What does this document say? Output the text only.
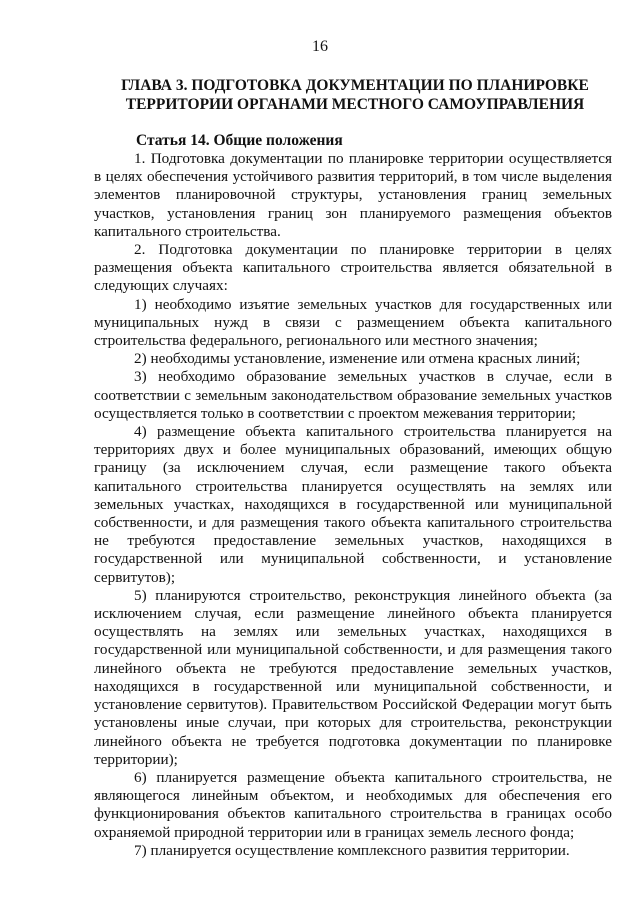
16
ГЛАВА 3. ПОДГОТОВКА ДОКУМЕНТАЦИИ ПО ПЛАНИРОВКЕ ТЕРРИТОРИИ ОРГАНАМИ МЕСТНОГО САМОУПРАВЛЕНИЯ
Статья 14. Общие положения

1. Подготовка документации по планировке территории осуществляется в целях обеспечения устойчивого развития территорий, в том числе выделения элементов планировочной структуры, установления границ земельных участков, установления границ зон планируемого размещения объектов капитального строительства.

2. Подготовка документации по планировке территории в целях размещения объекта капитального строительства является обязательной в следующих случаях:

1) необходимо изъятие земельных участков для государственных или муниципальных нужд в связи с размещением объекта капитального строительства федерального, регионального или местного значения;

2) необходимы установление, изменение или отмена красных линий;

3) необходимо образование земельных участков в случае, если в соответствии с земельным законодательством образование земельных участков осуществляется только в соответствии с проектом межевания территории;

4) размещение объекта капитального строительства планируется на территориях двух и более муниципальных образований, имеющих общую границу (за исключением случая, если размещение такого объекта капитального строительства планируется осуществлять на землях или земельных участках, находящихся в государственной или муниципальной собственности, и для размещения такого объекта капитального строительства не требуются предоставление земельных участков, находящихся в государственной или муниципальной собственности, и установление сервитутов);

5) планируются строительство, реконструкция линейного объекта (за исключением случая, если размещение линейного объекта планируется осуществлять на землях или земельных участках, находящихся в государственной или муниципальной собственности, и для размещения такого линейного объекта не требуются предоставление земельных участков, находящихся в государственной или муниципальной собственности, и установление сервитутов). Правительством Российской Федерации могут быть установлены иные случаи, при которых для строительства, реконструкции линейного объекта не требуется подготовка документации по планировке территории);

6) планируется размещение объекта капитального строительства, не являющегося линейным объектом, и необходимых для обеспечения его функционирования объектов капитального строительства в границах особо охраняемой природной территории или в границах земель лесного фонда;

7) планируется осуществление комплексного развития территории.
